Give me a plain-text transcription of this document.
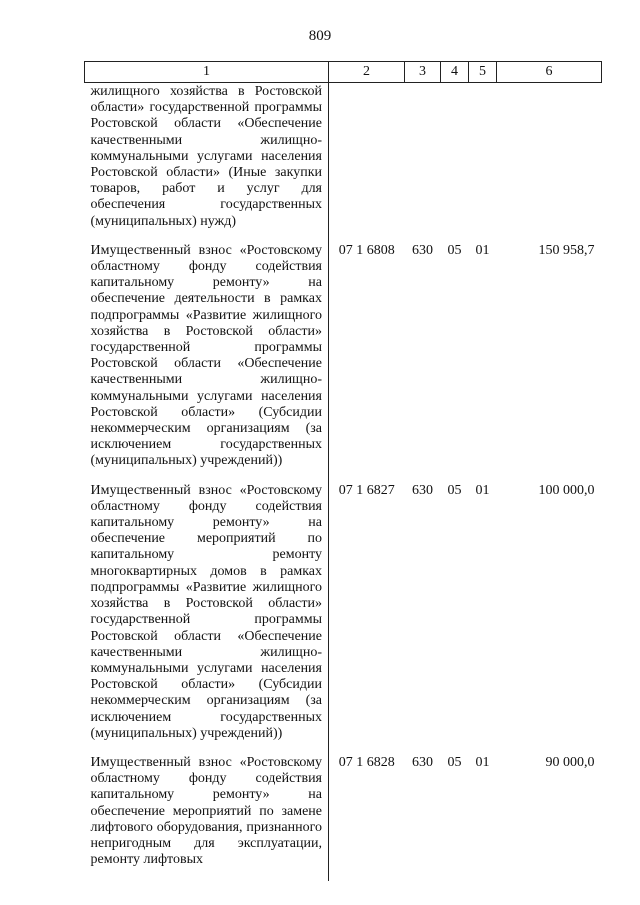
809
1	2	3	4	5	6
жилищного хозяйства в Ростовской области» государственной программы Ростовской области «Обеспечение качественными жилищно-коммунальными услугами населения Ростовской области» (Иные закупки товаров, работ и услуг для обеспечения государственных (муниципальных) нужд)					
Имущественный взнос «Ростовскому областному фонду содействия капитальному ремонту» на обеспечение деятельности в рамках подпрограммы «Развитие жилищного хозяйства в Ростовской области» государственной программы Ростовской области «Обеспечение качественными жилищно-коммунальными услугами населения Ростовской области» (Субсидии некоммерческим организациям (за исключением государственных (муниципальных) учреждений))	07 1 6808	630	05	01	150 958,7
Имущественный взнос «Ростовскому областному фонду содействия капитальному ремонту» на обеспечение мероприятий по капитальному ремонту многоквартирных домов в рамках подпрограммы «Развитие жилищного хозяйства в Ростовской области» государственной программы Ростовской области «Обеспечение качественными жилищно-коммунальными услугами населения Ростовской области» (Субсидии некоммерческим организациям (за исключением государственных (муниципальных) учреждений))	07 1 6827	630	05	01	100 000,0
Имущественный взнос «Ростовскому областному фонду содействия капитальному ремонту» на обеспечение мероприятий по замене лифтового оборудования, признанного непригодным для эксплуатации, ремонту лифтовых	07 1 6828	630	05	01	90 000,0
